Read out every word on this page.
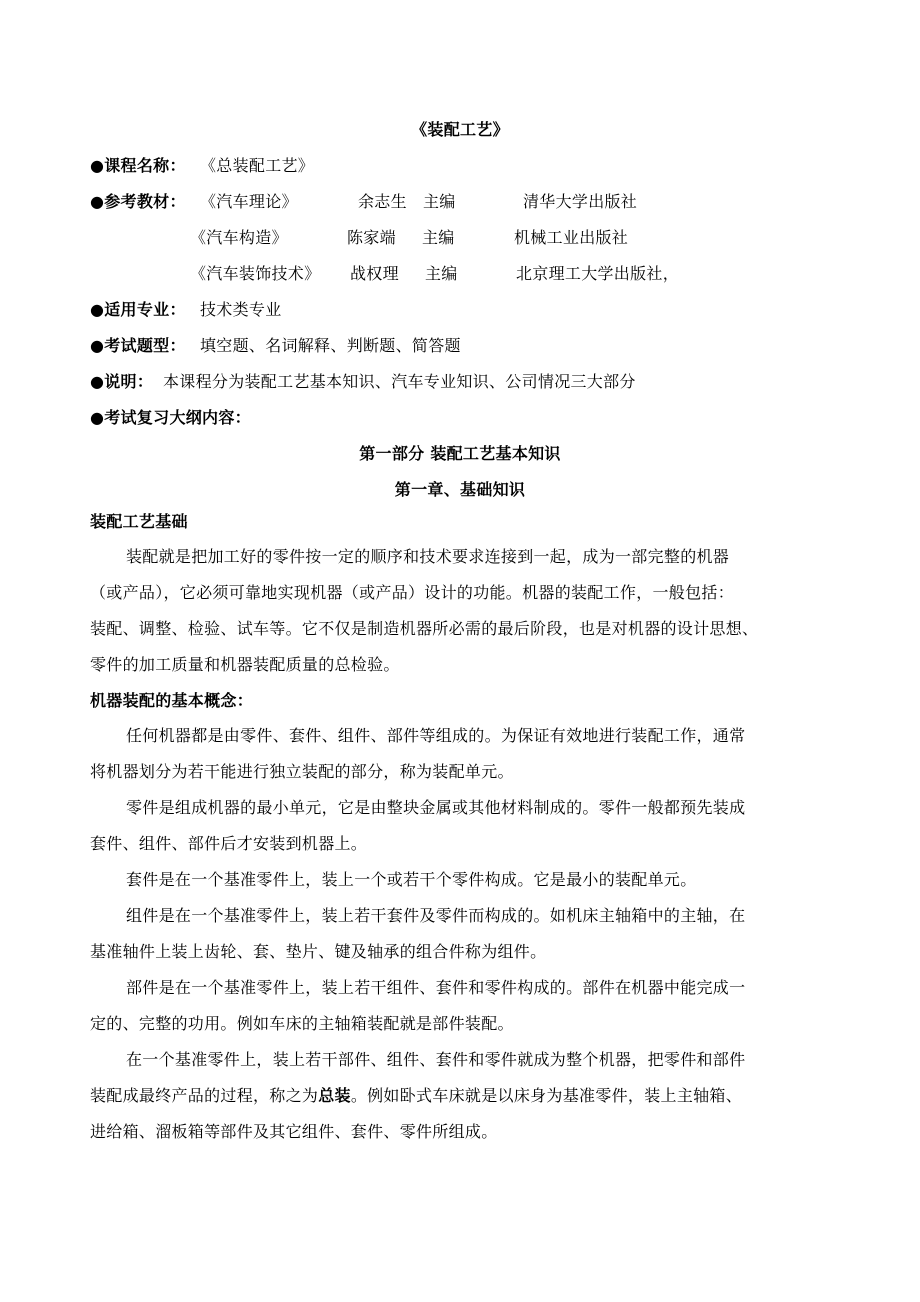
《装配工艺》
●课程名称： 《总装配工艺》
●参考教材： 《汽车理论》	余志生 主编	清华大学出版社
《汽车构造》	陈家端 主编	机械工业出版社
《汽车装饰技术》 战权理 主编	北京理工大学出版社，
●适用专业： 技术类专业
●考试题型： 填空题、名词解释、判断题、简答题
●说明： 本课程分为装配工艺基本知识、汽车专业知识、公司情况三大部分
●考试复习大纲内容：
第一部分 装配工艺基本知识
第一章、基础知识
装配工艺基础
装配就是把加工好的零件按一定的顺序和技术要求连接到一起，成为一部完整的机器
（或产品），它必须可靠地实现机器（或产品）设计的功能。机器的装配工作，一般包括：
装配、调整、检验、试车等。它不仅是制造机器所必需的最后阶段，也是对机器的设计思想、
零件的加工质量和机器装配质量的总检验。
机器装配的基本概念：
任何机器都是由零件、套件、组件、部件等组成的。为保证有效地进行装配工作，通常
将机器划分为若干能进行独立装配的部分，称为装配单元。
零件是组成机器的最小单元，它是由整块金属或其他材料制成的。零件一般都预先装成
套件、组件、部件后才安装到机器上。
套件是在一个基准零件上，装上一个或若干个零件构成。它是最小的装配单元。
组件是在一个基准零件上，装上若干套件及零件而构成的。如机床主轴箱中的主轴，在
基准轴件上装上齿轮、套、垫片、键及轴承的组合件称为组件。
部件是在一个基准零件上，装上若干组件、套件和零件构成的。部件在机器中能完成一
定的、完整的功用。例如车床的主轴箱装配就是部件装配。
在一个基准零件上，装上若干部件、组件、套件和零件就成为整个机器，把零件和部件
装配成最终产品的过程，称之为总装。例如卧式车床就是以床身为基准零件，装上主轴箱、
进给箱、溜板箱等部件及其它组件、套件、零件所组成。
